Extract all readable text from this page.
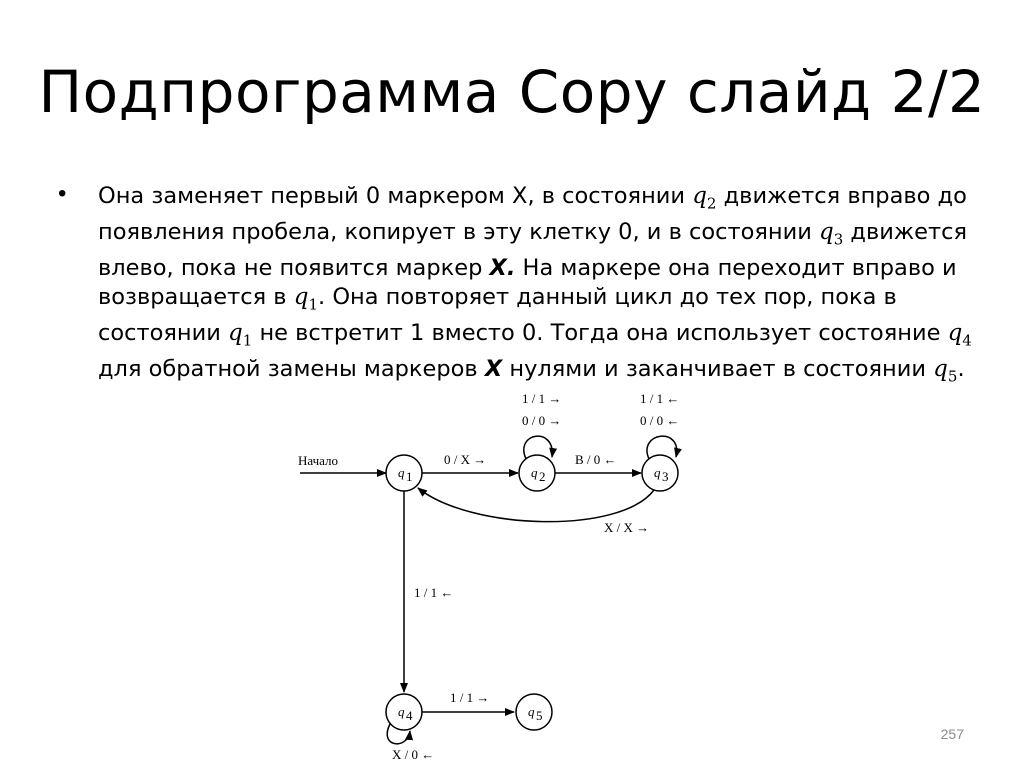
Подпрограмма Copy слайд 2/2
• Она заменяет первый 0 маркером X, в состоянии $q_2$ движется вправо до появления пробела, копирует в эту клетку 0, и в состоянии $q_3$ движется влево, пока не появится маркер X. На маркере она переходит вправо и возвращается в $q_1$. Она повторяет данный цикл до тех пор, пока в состоянии $q_1$ не встретит 1 вместо 0. Тогда она использует состояние $q_4$ для обратной замены маркеров X нулями и заканчивает в состоянии $q_5$.
Начало
q 1	q 2	q 3
q 4	q 5
0 / X →	B / 0 ←
X / X →
1 / 1 ←
1 / 1 →
1 / 1 →
0 / 0 →
1 / 1 ←
0 / 0 ←
X / 0 ←
257
